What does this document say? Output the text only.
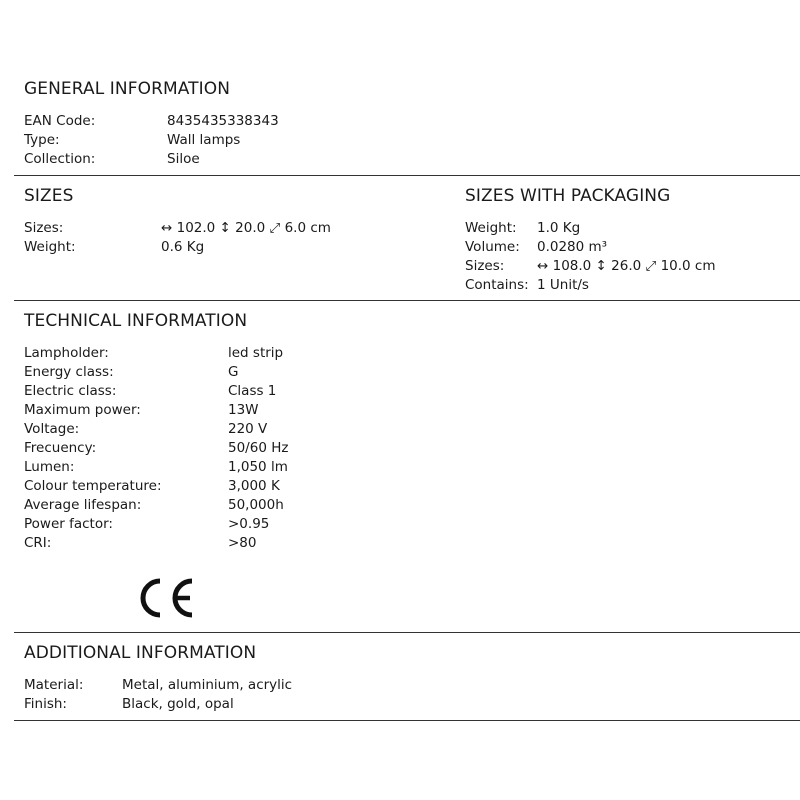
GENERAL INFORMATION
EAN Code:	8435435338343
Type:	Wall lamps
Collection:	Siloe
SIZES
Sizes:	↔ 102.0 ↕ 20.0 ⤢ 6.0 cm
Weight:	0.6 Kg
SIZES WITH PACKAGING
Weight: 1.0 Kg
Volume: 0.0280 m³
Sizes: ↔ 108.0 ↕ 26.0 ⤢ 10.0 cm
Contains: 1 Unit/s
TECHNICAL INFORMATION
Lampholder:	led strip
Energy class:	G
Electric class:	Class 1
Maximum power:	13W
Voltage:	220 V
Frecuency:	50/60 Hz
Lumen:	1,050 lm
Colour temperature:	3,000 K
Average lifespan:	50,000h
Power factor:	>0.95
CRI:	>80
ADDITIONAL INFORMATION
Material:	Metal, aluminium, acrylic
Finish:	Black, gold, opal
